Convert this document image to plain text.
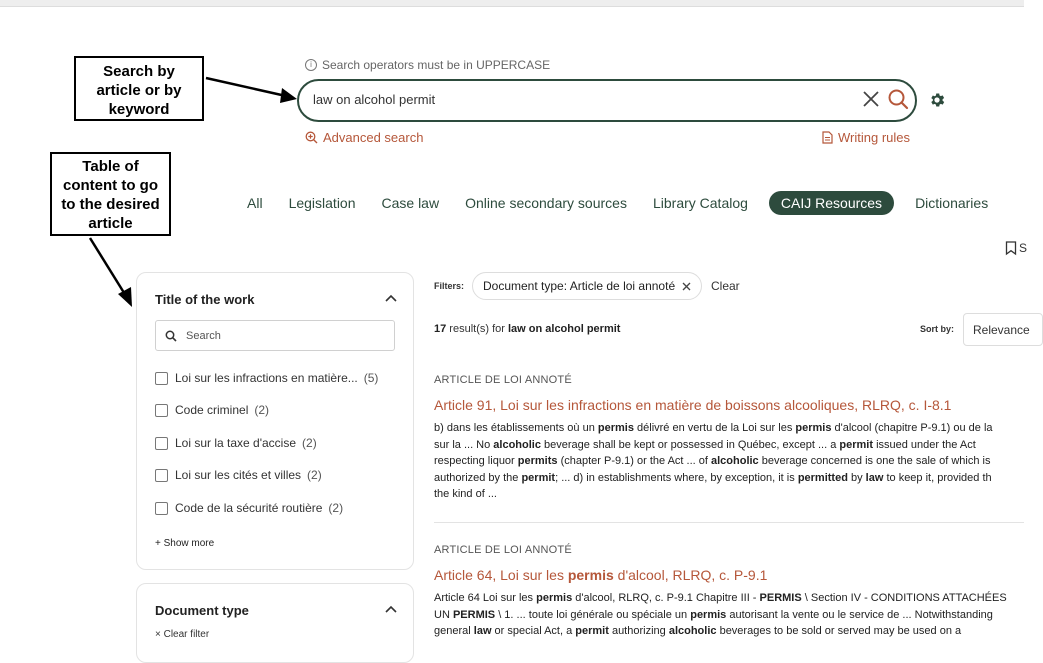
i Search operators must be in UPPERCASE
law on alcohol permit
Advanced search	Writing rules
Search by
article or by
keyword
Table of
content to go
to the desired
article
All Legislation Case law Online secondary sources Library Catalog	CAIJ Resources	Dictionaries
S
Title of the work
Search
Loi sur les infractions en matière... (5)
Code criminel (2)
Loi sur la taxe d'accise (2)
Loi sur les cités et villes (2)
Code de la sécurité routière (2)
+ Show more
Document type
× Clear filter
Filters: Document type: Article de loi annoté	Clear
17 result(s) for law on alcohol permit	Sort by:	Relevance
ARTICLE DE LOI ANNOTÉ
Article 91, Loi sur les infractions en matière de boissons alcooliques, RLRQ, c. I-8.1
b) dans les établissements où un permis délivré en vertu de la Loi sur les permis d'alcool (chapitre P-9.1) ou de la
sur la ... No alcoholic beverage shall be kept or possessed in Québec, except ... a permit issued under the Act
respecting liquor permits (chapter P-9.1) or the Act ... of alcoholic beverage concerned is one the sale of which is
authorized by the permit; ... d) in establishments where, by exception, it is permitted by law to keep it, provided th
the kind of ...
ARTICLE DE LOI ANNOTÉ
Article 64, Loi sur les permis d'alcool, RLRQ, c. P-9.1
Article 64 Loi sur les permis d'alcool, RLRQ, c. P-9.1 Chapitre III - PERMIS \ Section IV - CONDITIONS ATTACHÉES
UN PERMIS \ 1. ... toute loi générale ou spéciale un permis autorisant la vente ou le service de ... Notwithstanding
general law or special Act, a permit authorizing alcoholic beverages to be sold or served may be used on a
